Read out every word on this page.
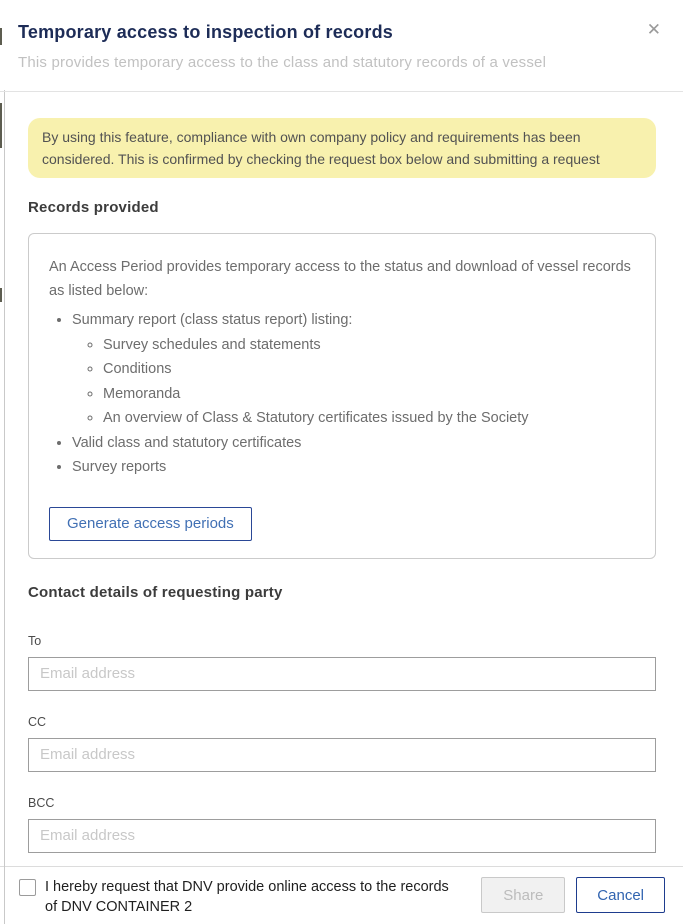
Temporary access to inspection of records
This provides temporary access to the class and statutory records of a vessel
✕
By using this feature, compliance with own company policy and requirements has been considered. This is confirmed by checking the request box below and submitting a request
Records provided

An Access Period provides temporary access to the status and download of vessel records as listed below:

• Summary report (class status report) listing:
◦ Survey schedules and statements
◦ Conditions
◦ Memoranda
◦ An overview of Class & Statutory certificates issued by the Society
• Valid class and statutory certificates
• Survey reports
Generate access periods
Contact details of requesting party
To
Email address
CC
Email address
BCC
Email address
I hereby request that DNV provide online access to the records of DNV CONTAINER 2
Share	Cancel
